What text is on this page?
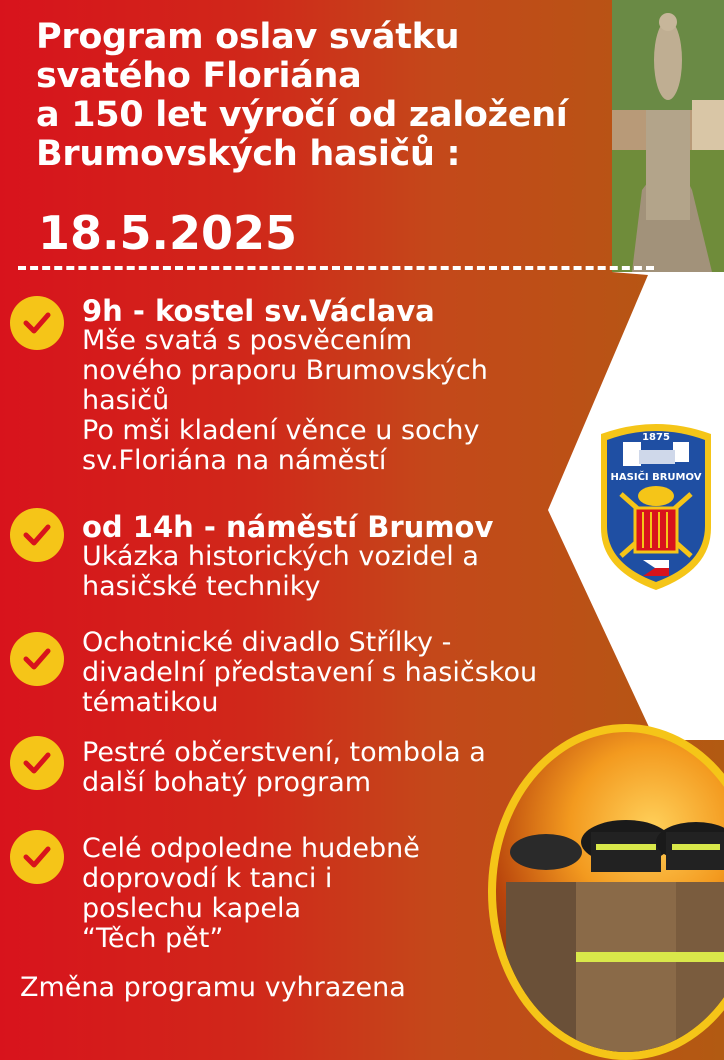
Program oslav svátku
svatého Floriána
a 150 let výročí od založení
Brumovských hasičů :
18.5.2025
9h - kostel sv.Václava
Mše svatá s posvěcením
nového praporu Brumovských
hasičů
Po mši kladení věnce u sochy
sv.Floriána na náměstí
od 14h - náměstí Brumov
Ukázka historických vozidel a
hasičské techniky
Ochotnické divadlo Střílky -
divadelní představení s hasičskou
tématikou
Pestré občerstvení, tombola a
další bohatý program
Celé odpoledne hudebně
doprovodí k tanci i
poslechu kapela
“Těch pět”
Změna programu vyhrazena
1875
HASIČI BRUMOV
